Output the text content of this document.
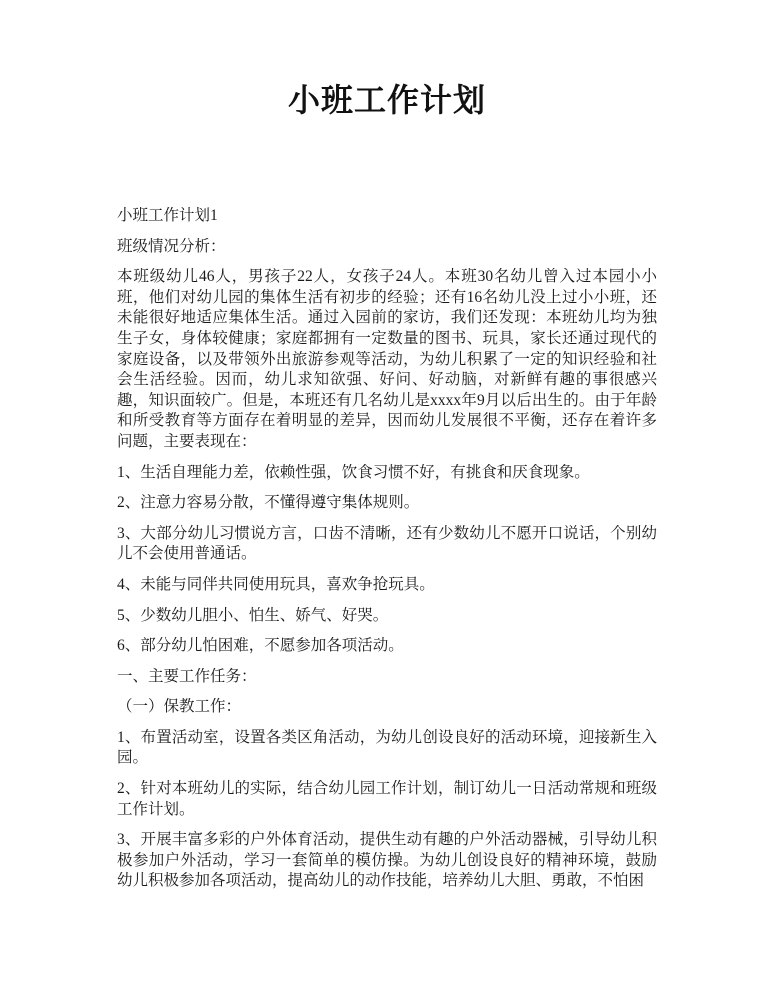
小班工作计划

小班工作计划1

班级情况分析：

本班级幼儿46人，男孩子22人，女孩子24人。本班30名幼儿曾入过本园小小班，他们对幼儿园的集体生活有初步的经验；还有16名幼儿没上过小小班，还未能很好地适应集体生活。通过入园前的家访，我们还发现：本班幼儿均为独生子女，身体较健康；家庭都拥有一定数量的图书、玩具，家长还通过现代的家庭设备，以及带领外出旅游参观等活动，为幼儿积累了一定的知识经验和社会生活经验。因而，幼儿求知欲强、好问、好动脑，对新鲜有趣的事很感兴趣，知识面较广。但是，本班还有几名幼儿是xxxx年9月以后出生的。由于年龄和所受教育等方面存在着明显的差异，因而幼儿发展很不平衡，还存在着许多问题，主要表现在：

1、生活自理能力差，依赖性强，饮食习惯不好，有挑食和厌食现象。

2、注意力容易分散，不懂得遵守集体规则。

3、大部分幼儿习惯说方言，口齿不清晰，还有少数幼儿不愿开口说话，个别幼儿不会使用普通话。

4、未能与同伴共同使用玩具，喜欢争抢玩具。

5、少数幼儿胆小、怕生、娇气、好哭。

6、部分幼儿怕困难，不愿参加各项活动。

一、主要工作任务：

（一）保教工作：

1、布置活动室，设置各类区角活动，为幼儿创设良好的活动环境，迎接新生入园。

2、针对本班幼儿的实际，结合幼儿园工作计划，制订幼儿一日活动常规和班级工作计划。

3、开展丰富多彩的户外体育活动，提供生动有趣的户外活动器械，引导幼儿积极参加户外活动，学习一套简单的模仿操。为幼儿创设良好的精神环境，鼓励幼儿积极参加各项活动，提高幼儿的动作技能，培养幼儿大胆、勇敢，不怕困
